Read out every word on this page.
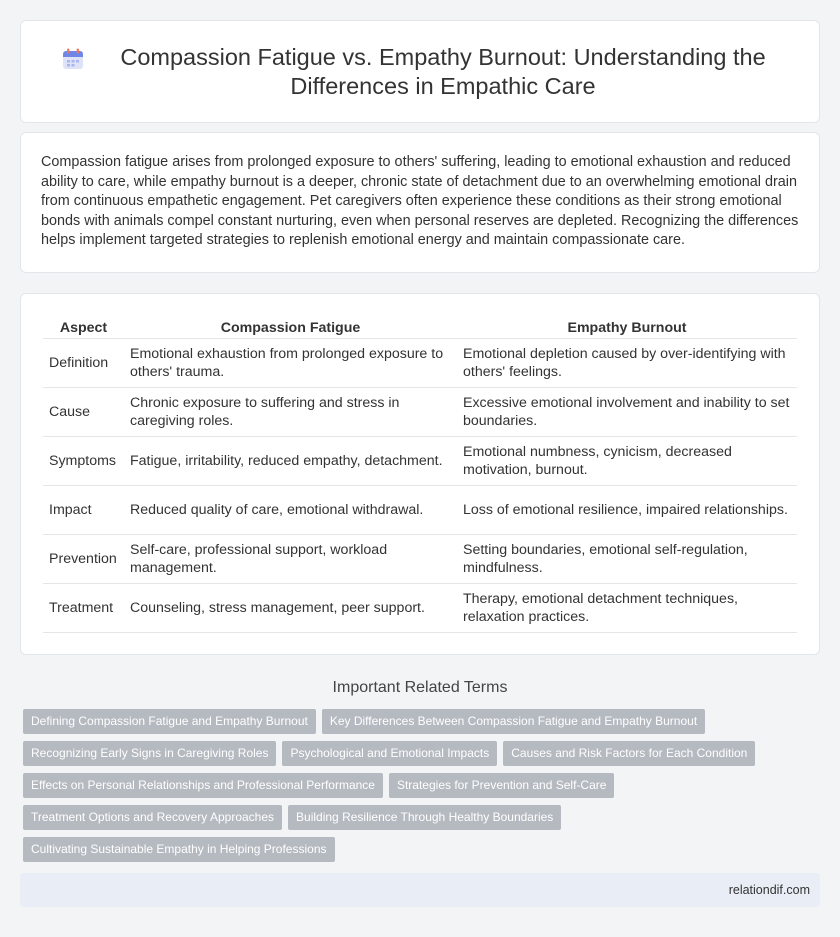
Compassion Fatigue vs. Empathy Burnout: Understanding the Differences in Empathic Care

Compassion fatigue arises from prolonged exposure to others' suffering, leading to emotional exhaustion and reduced ability to care, while empathy burnout is a deeper, chronic state of detachment due to an overwhelming emotional drain from continuous empathetic engagement. Pet caregivers often experience these conditions as their strong emotional bonds with animals compel constant nurturing, even when personal reserves are depleted. Recognizing the differences helps implement targeted strategies to replenish emotional energy and maintain compassionate care.

Aspect	Compassion Fatigue	Empathy Burnout
Definition	Emotional exhaustion from prolonged exposure to others' trauma.	Emotional depletion caused by over-identifying with others' feelings.
Cause	Chronic exposure to suffering and stress in caregiving roles.	Excessive emotional involvement and inability to set boundaries.
Symptoms	Fatigue, irritability, reduced empathy, detachment.	Emotional numbness, cynicism, decreased motivation, burnout.
Impact	Reduced quality of care, emotional withdrawal.	Loss of emotional resilience, impaired relationships.
Prevention	Self-care, professional support, workload management.	Setting boundaries, emotional self-regulation, mindfulness.
Treatment	Counseling, stress management, peer support.	Therapy, emotional detachment techniques, relaxation practices.
Important Related Terms
Defining Compassion Fatigue and Empathy Burnout	Key Differences Between Compassion Fatigue and Empathy Burnout
Recognizing Early Signs in Caregiving Roles	Psychological and Emotional Impacts	Causes and Risk Factors for Each Condition
Effects on Personal Relationships and Professional Performance	Strategies for Prevention and Self-Care
Treatment Options and Recovery Approaches	Building Resilience Through Healthy Boundaries
Cultivating Sustainable Empathy in Helping Professions
relationdif.com
